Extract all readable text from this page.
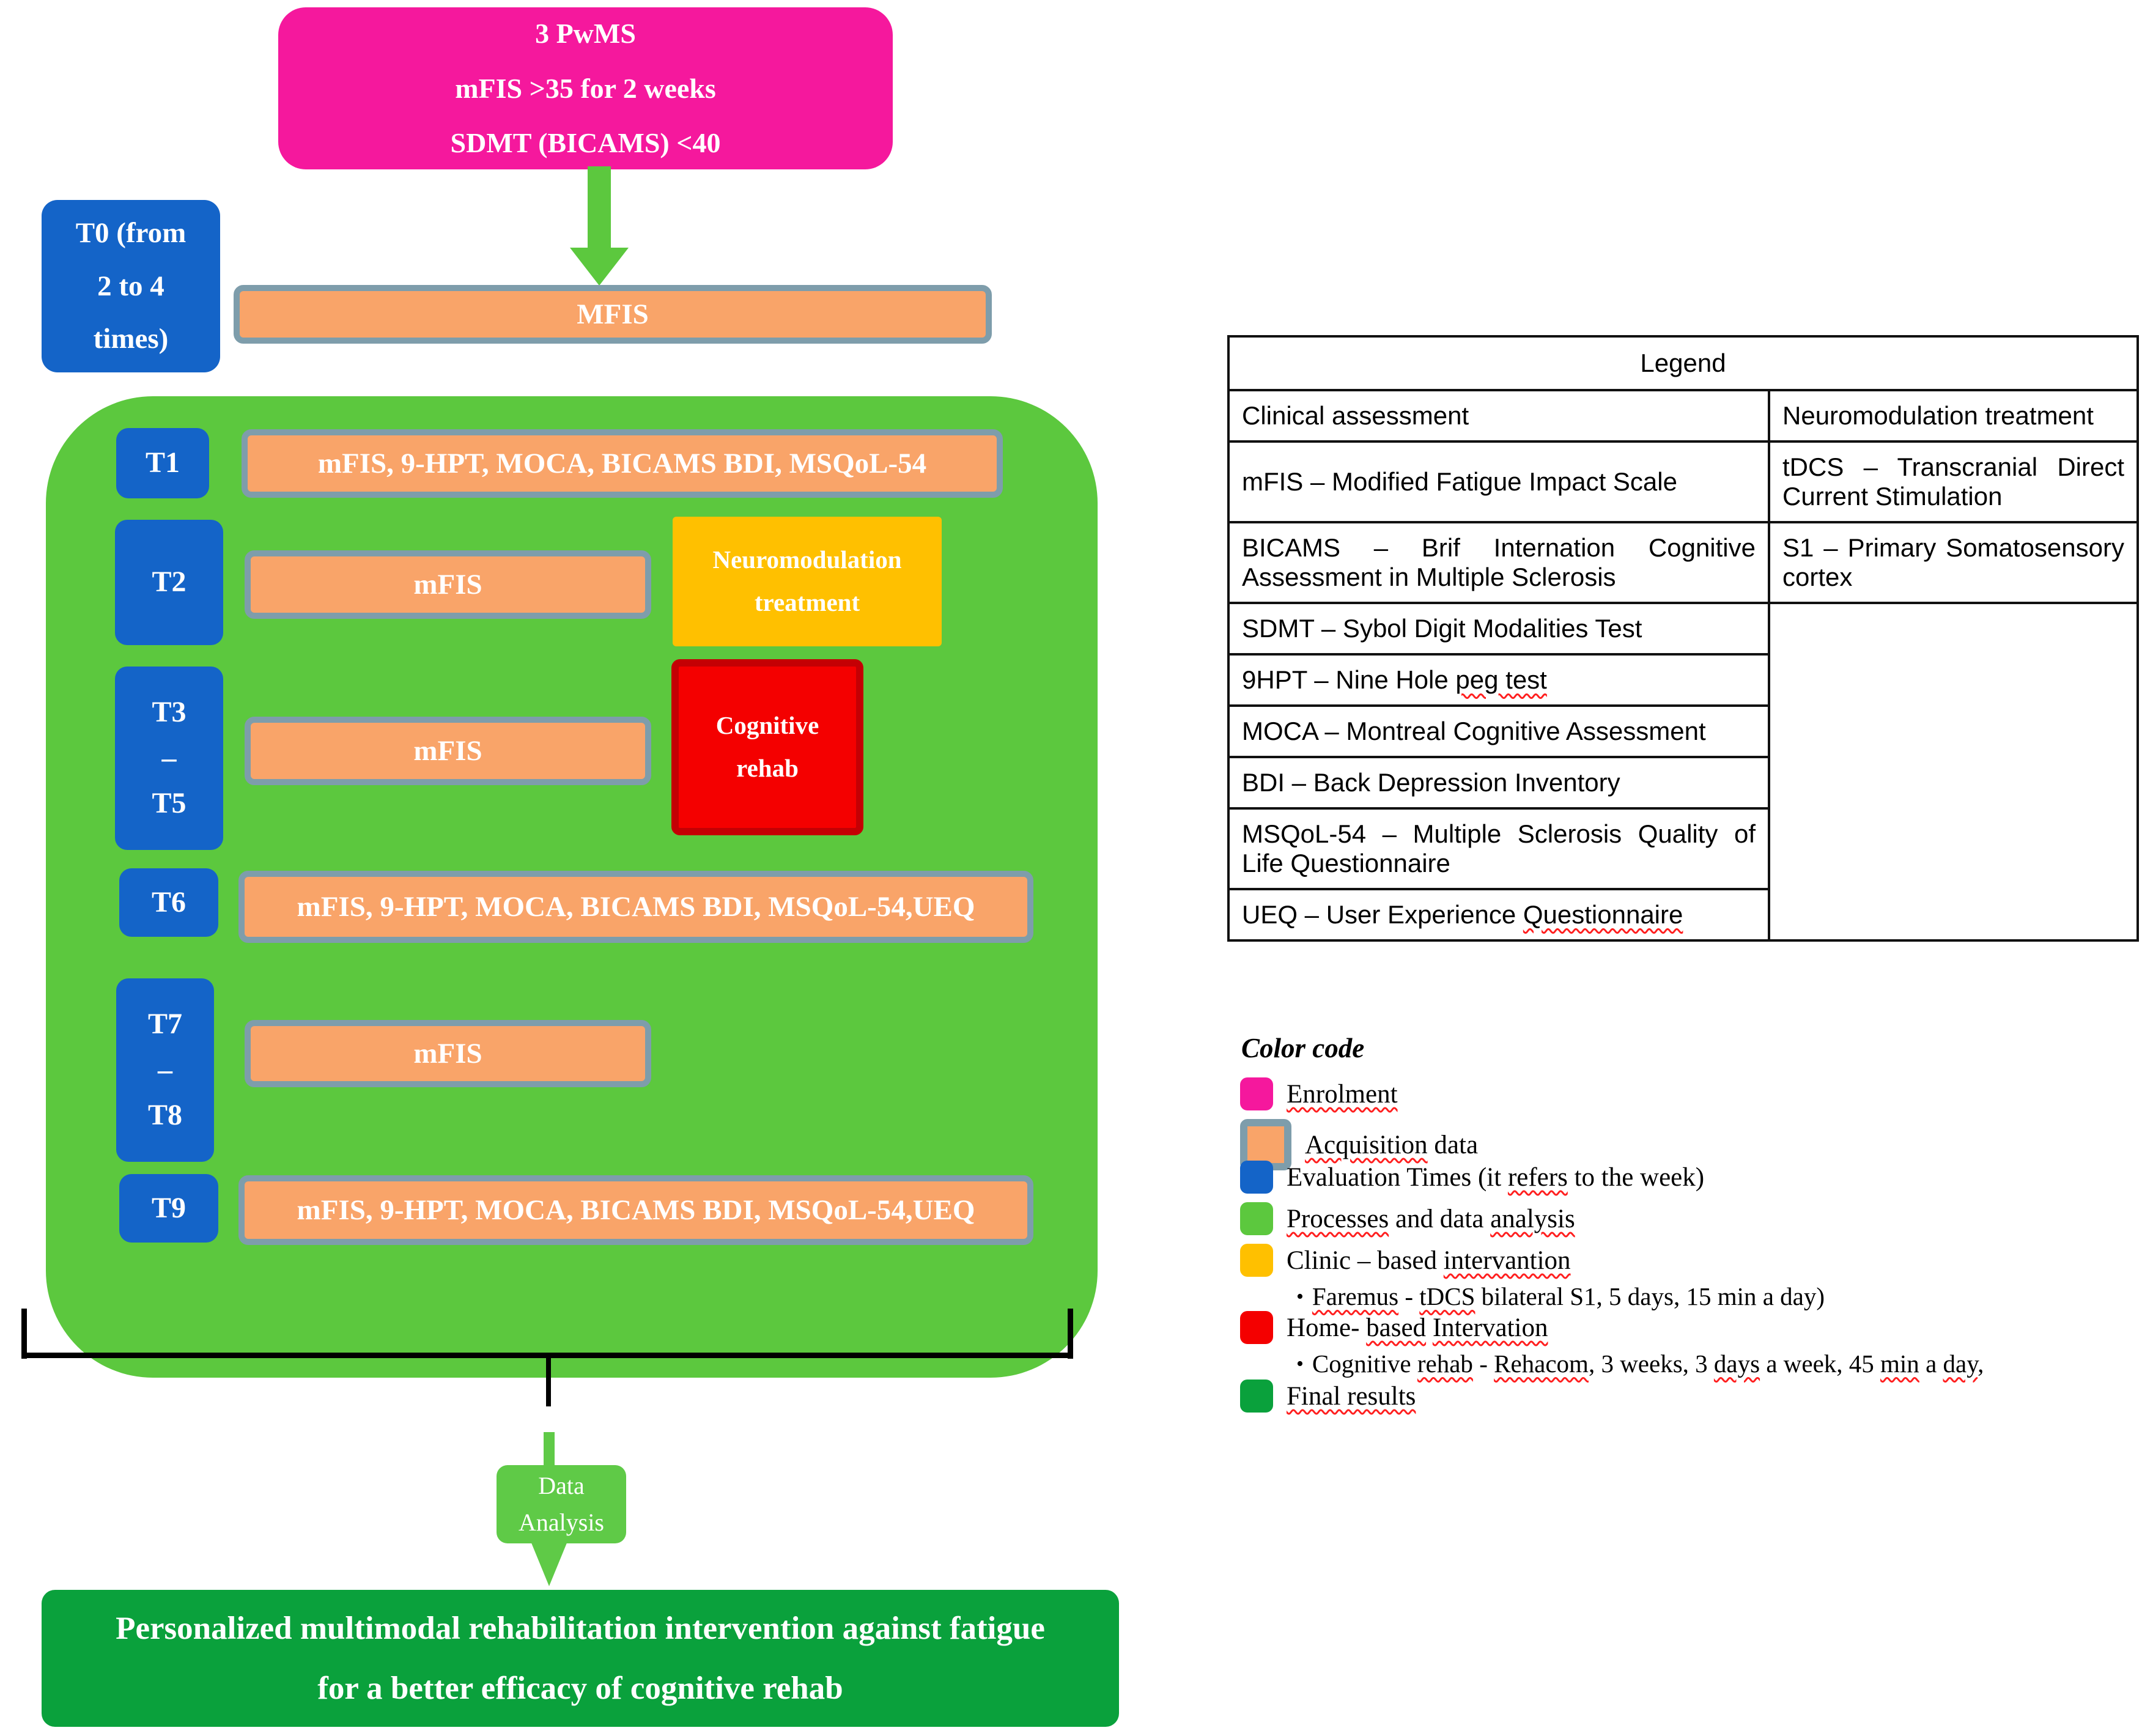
3 PwMS
mFIS >35 for 2 weeks
SDMT (BICAMS) <40
T0 (from
2 to 4
times)
MFIS
T1	mFIS, 9-HPT, MOCA, BICAMS BDI, MSQoL-54
T2	mFIS
Neuromodulation
treatment
T3
–
T5
mFIS
Cognitive
rehab
T6	mFIS, 9-HPT, MOCA, BICAMS BDI, MSQoL-54,UEQ
T7
–
T8
mFIS
T9	mFIS, 9-HPT, MOCA, BICAMS BDI, MSQoL-54,UEQ
Data
Analysis
Personalized multimodal rehabilitation intervention against fatigue
for a better efficacy of cognitive rehab
Legend	
Clinical assessment	Neuromodulation treatment
mFIS – Modified Fatigue Impact Scale	tDCS – Transcranial Direct Current Stimulation
BICAMS – Brif Internation Cognitive Assessment in Multiple Sclerosis	S1 – Primary Somatosensory cortex
SDMT – Sybol Digit Modalities Test	
9HPT – Nine Hole peg test	
MOCA – Montreal Cognitive Assessment	
BDI – Back Depression Inventory	
MSQoL-54 – Multiple Sclerosis Quality of Life Questionnaire	
UEQ – User Experience Questionnaire	
Color code
Enrolment
Acquisition data
Evaluation Times (it refers to the week)
Processes and data analysis
Clinic – based intervantion
• Faremus - tDCS bilateral S1, 5 days, 15 min a day)
Home- based Intervation
• Cognitive rehab - Rehacom, 3 weeks, 3 days a week, 45 min a day,
Final results
